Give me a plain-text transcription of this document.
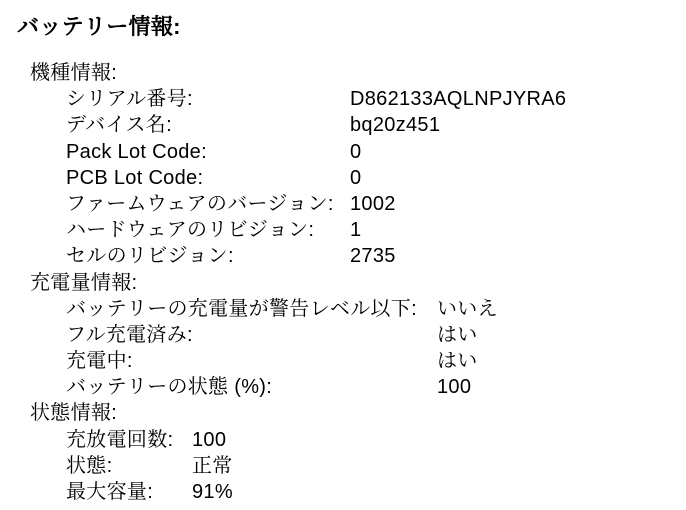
バッテリー情報:
機種情報:
シリアル番号:	D862133AQLNPJYRA6
デバイス名:	bq20z451
Pack Lot Code:	0
PCB Lot Code:	0
ファームウェアのバージョン: 1002
ハードウェアのリビジョン: 1
セルのリビジョン:	2735
充電量情報:
バッテリーの充電量が警告レベル以下: いいえ
フル充電済み:	はい
充電中:	はい
バッテリーの状態 (%):	100
状態情報:
充放電回数: 100
状態:	正常
最大容量: 91%
